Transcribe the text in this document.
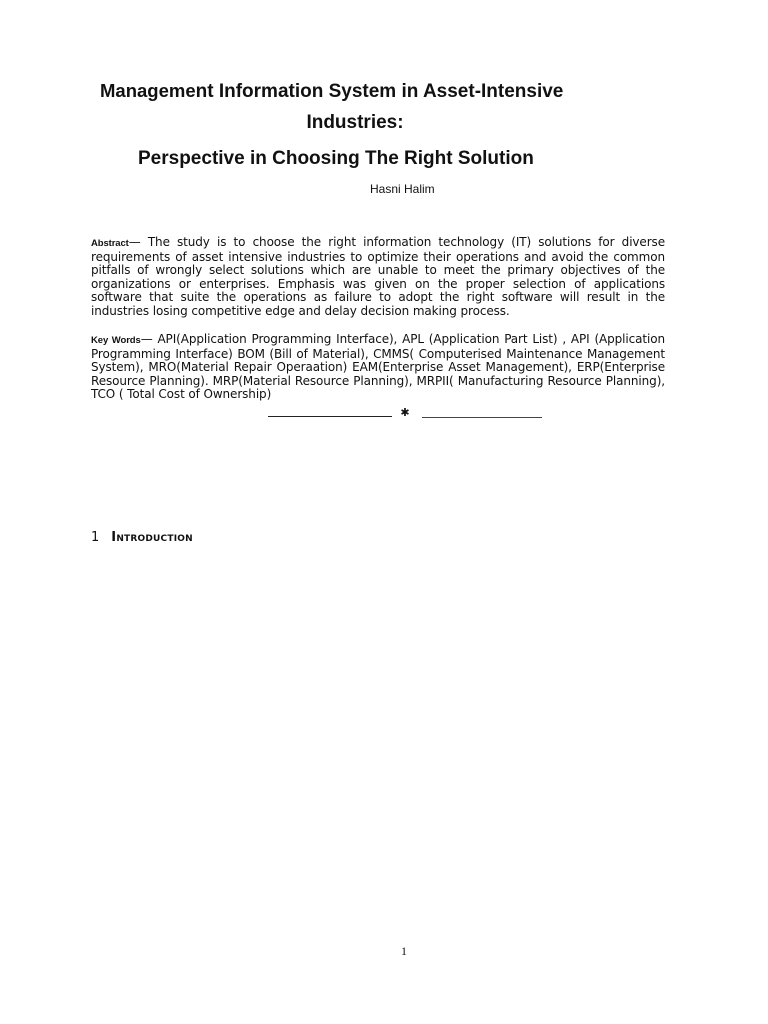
Management Information System in Asset-Intensive
Industries:
Perspective in Choosing The Right Solution
Hasni Halim
Abstract— The study is to choose the right information technology (IT) solutions for diverse requirements of asset intensive industries to optimize their operations and avoid the common pitfalls of wrongly select solutions which are unable to meet the primary objectives of the organizations or enterprises. Emphasis was given on the proper selection of applications software that suite the operations as failure to adopt the right software will result in the industries losing competitive edge and delay decision making process.
Key Words— API(Application Programming Interface), APL (Application Part List) , API (Application Programming Interface) BOM (Bill of Material), CMMS( Computerised Maintenance Management System), MRO(Material Repair Operaation) EAM(Enterprise Asset Management), ERP(Enterprise Resource Planning). MRP(Material Resource Planning), MRPII( Manufacturing Resource Planning), TCO ( Total Cost of Ownership)
✱
1 Introduction
1
